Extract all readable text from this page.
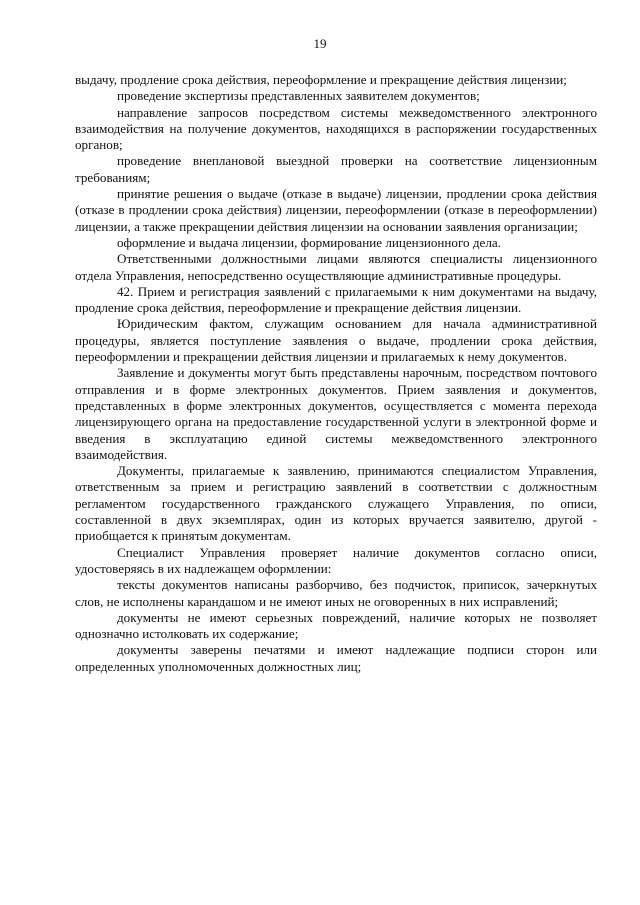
19

выдачу, продление срока действия, переоформление и прекращение действия лицензии;

проведение экспертизы представленных заявителем документов;

направление запросов посредством системы межведомственного электронного взаимодействия на получение документов, находящихся в распоряжении государственных органов;

проведение внеплановой выездной проверки на соответствие лицензионным требованиям;

принятие решения о выдаче (отказе в выдаче) лицензии, продлении срока действия (отказе в продлении срока действия) лицензии, переоформлении (отказе в переоформлении) лицензии, а также прекращении действия лицензии на основании заявления организации;

оформление и выдача лицензии, формирование лицензионного дела.

Ответственными должностными лицами являются специалисты лицензионного отдела Управления, непосредственно осуществляющие административные процедуры.

42. Прием и регистрация заявлений с прилагаемыми к ним документами на выдачу, продление срока действия, переоформление и прекращение действия лицензии.

Юридическим фактом, служащим основанием для начала административной процедуры, является поступление заявления о выдаче, продлении срока действия, переоформлении и прекращении действия лицензии и прилагаемых к нему документов.

Заявление и документы могут быть представлены нарочным, посредством почтового отправления и в форме электронных документов. Прием заявления и документов, представленных в форме электронных документов, осуществляется с момента перехода лицензирующего органа на предоставление государственной услуги в электронной форме и введения в эксплуатацию единой системы межведомственного электронного взаимодействия.

Документы, прилагаемые к заявлению, принимаются специалистом Управления, ответственным за прием и регистрацию заявлений в соответствии с должностным регламентом государственного гражданского служащего Управления, по описи, составленной в двух экземплярах, один из которых вручается заявителю, другой - приобщается к принятым документам.

Специалист Управления проверяет наличие документов согласно описи, удостоверяясь в их надлежащем оформлении:

тексты документов написаны разборчиво, без подчисток, приписок, зачеркнутых слов, не исполнены карандашом и не имеют иных не оговоренных в них исправлений;

документы не имеют серьезных повреждений, наличие которых не позволяет однозначно истолковать их содержание;

документы заверены печатями и имеют надлежащие подписи сторон или определенных уполномоченных должностных лиц;
